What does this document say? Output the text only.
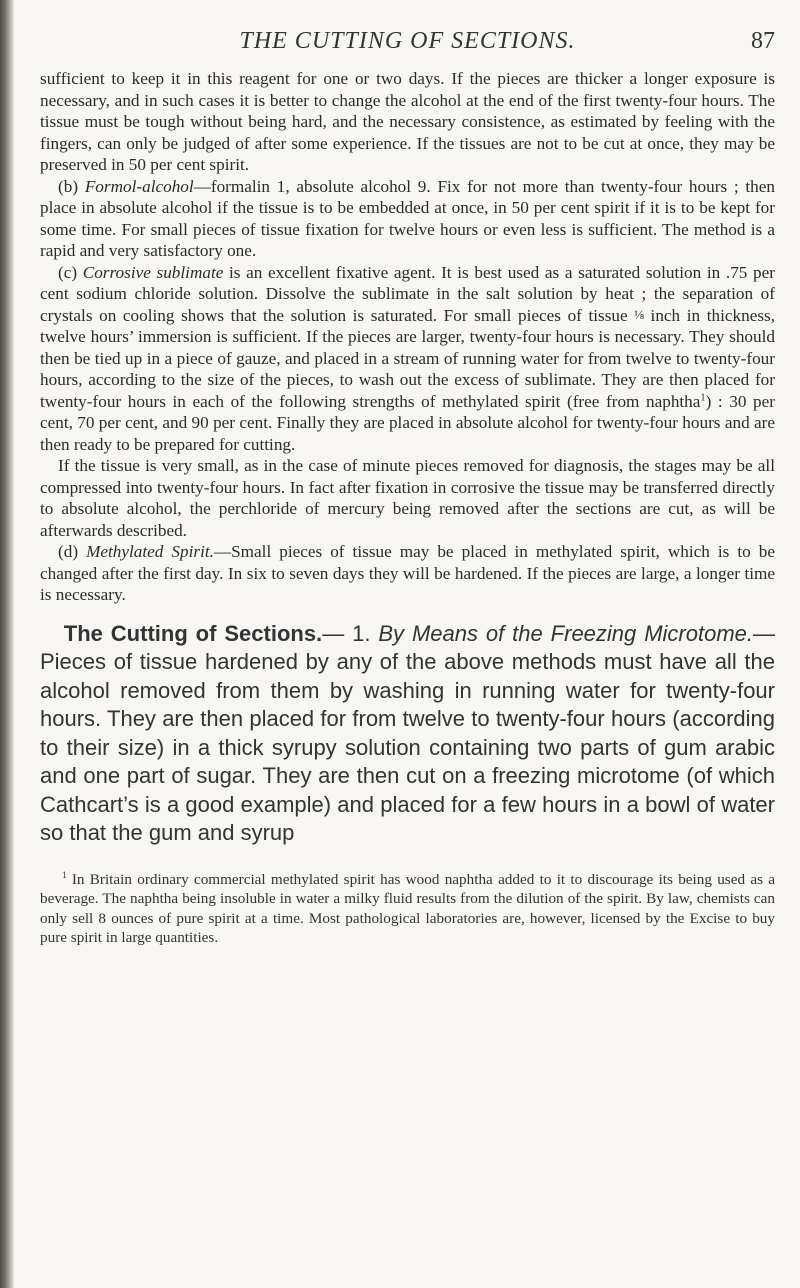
THE CUTTING OF SECTIONS.	87

sufficient to keep it in this reagent for one or two days. If the pieces are thicker a longer exposure is necessary, and in such cases it is better to change the alcohol at the end of the first twenty-four hours. The tissue must be tough without being hard, and the necessary consistence, as estimated by feeling with the fingers, can only be judged of after some experience. If the tissues are not to be cut at once, they may be preserved in 50 per cent spirit.

(b) Formol-alcohol—formalin 1, absolute alcohol 9. Fix for not more than twenty-four hours ; then place in absolute alcohol if the tissue is to be embedded at once, in 50 per cent spirit if it is to be kept for some time. For small pieces of tissue fixation for twelve hours or even less is sufficient. The method is a rapid and very satisfactory one.

(c) Corrosive sublimate is an excellent fixative agent. It is best used as a saturated solution in .75 per cent sodium chloride solution. Dissolve the sublimate in the salt solution by heat ; the separation of crystals on cooling shows that the solution is saturated. For small pieces of tissue ⅛ inch in thickness, twelve hours’ immersion is sufficient. If the pieces are larger, twenty-four hours is necessary. They should then be tied up in a piece of gauze, and placed in a stream of running water for from twelve to twenty-four hours, according to the size of the pieces, to wash out the excess of sublimate. They are then placed for twenty-four hours in each of the following strengths of methylated spirit (free from naphtha$^1$) : 30 per cent, 70 per cent, and 90 per cent. Finally they are placed in absolute alcohol for twenty-four hours and are then ready to be prepared for cutting.

If the tissue is very small, as in the case of minute pieces removed for diagnosis, the stages may be all compressed into twenty-four hours. In fact after fixation in corrosive the tissue may be transferred directly to absolute alcohol, the perchloride of mercury being removed after the sections are cut, as will be afterwards described.

(d) Methylated Spirit.—Small pieces of tissue may be placed in methylated spirit, which is to be changed after the first day. In six to seven days they will be hardened. If the pieces are large, a longer time is necessary.

The Cutting of Sections.— 1. By Means of the Freezing Microtome.—Pieces of tissue hardened by any of the above methods must have all the alcohol removed from them by washing in running water for twenty-four hours. They are then placed for from twelve to twenty-four hours (according to their size) in a thick syrupy solution containing two parts of gum arabic and one part of sugar. They are then cut on a freezing microtome (of which Cathcart’s is a good example) and placed for a few hours in a bowl of water so that the gum and syrup

$^1$ In Britain ordinary commercial methylated spirit has wood naphtha added to it to discourage its being used as a beverage. The naphtha being insoluble in water a milky fluid results from the dilution of the spirit. By law, chemists can only sell 8 ounces of pure spirit at a time. Most pathological laboratories are, however, licensed by the Excise to buy pure spirit in large quantities.
